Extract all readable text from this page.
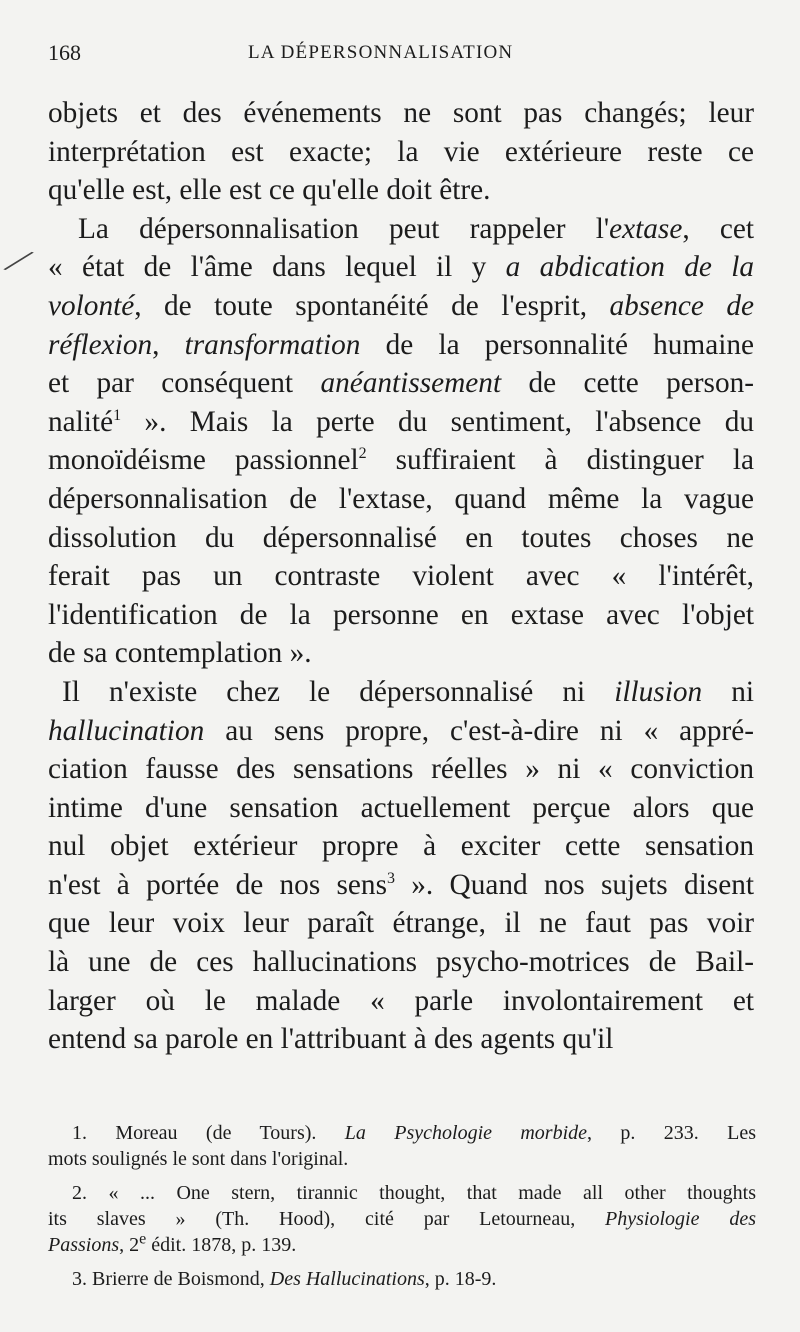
168	LA DÉPERSONNALISATION
⟋
objets et des événements ne sont pas changés; leur
interprétation est exacte; la vie extérieure reste ce
qu'elle est, elle est ce qu'elle doit être.
La dépersonnalisation peut rappeler l'extase, cet
« état de l'âme dans lequel il y a abdication de la
volonté, de toute spontanéité de l'esprit, absence de
réflexion, transformation de la personnalité humaine
et par conséquent anéantissement de cette person-
nalité$^1$ ». Mais la perte du sentiment, l'absence du
monoïdéisme passionnel$^2$ suffiraient à distinguer la
dépersonnalisation de l'extase, quand même la vague
dissolution du dépersonnalisé en toutes choses ne
ferait pas un contraste violent avec « l'intérêt,
l'identification de la personne en extase avec l'objet
de sa contemplation ».
Il n'existe chez le dépersonnalisé ni illusion ni
hallucination au sens propre, c'est-à-dire ni « appré-
ciation fausse des sensations réelles » ni « conviction
intime d'une sensation actuellement perçue alors que
nul objet extérieur propre à exciter cette sensation
n'est à portée de nos sens$^3$ ». Quand nos sujets disent
que leur voix leur paraît étrange, il ne faut pas voir
là une de ces hallucinations psycho-motrices de Bail-
larger où le malade « parle involontairement et
entend sa parole en l'attribuant à des agents qu'il
1. Moreau (de Tours). La Psychologie morbide, p. 233. Les
mots soulignés le sont dans l'original.
2. « ... One stern, tirannic thought, that made all other thoughts
its slaves » (Th. Hood), cité par Letourneau, Physiologie des
Passions, 2e édit. 1878, p. 139.
3. Brierre de Boismond, Des Hallucinations, p. 18-9.
